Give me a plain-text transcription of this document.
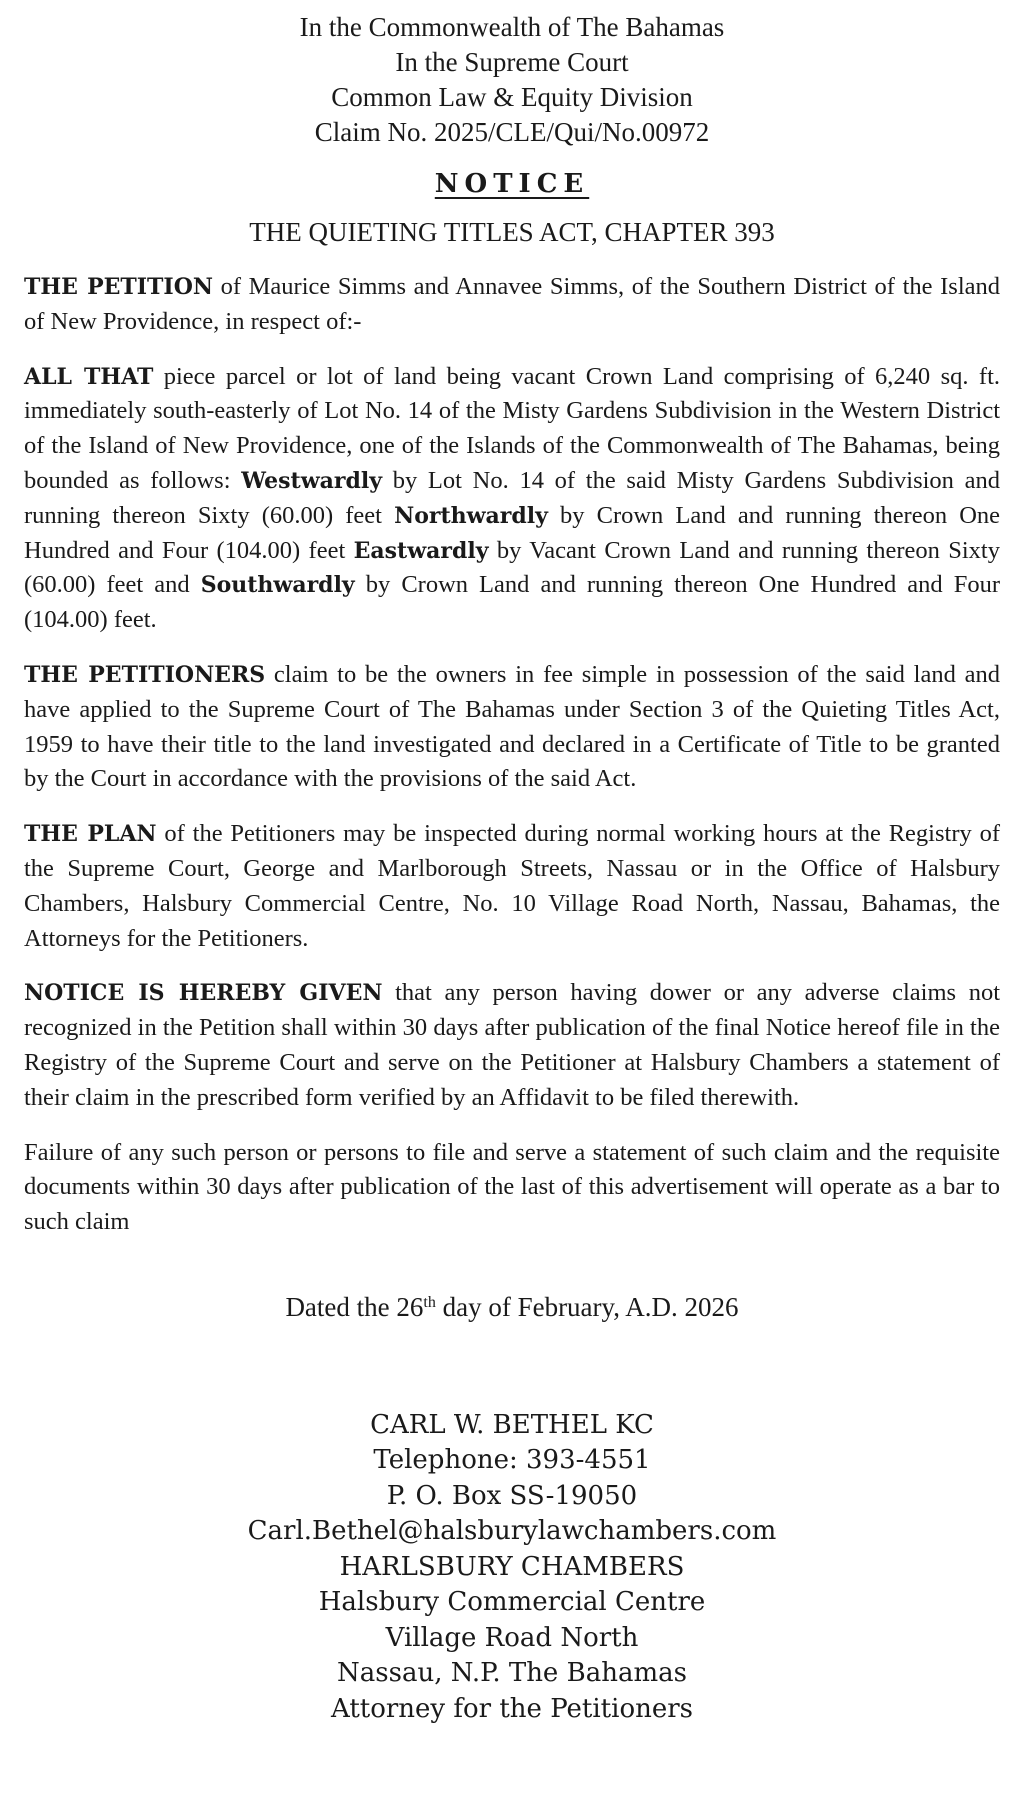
In the Commonwealth of The Bahamas
In the Supreme Court
Common Law & Equity Division
Claim No. 2025/CLE/Qui/No.00972
NOTICE
THE QUIETING TITLES ACT, CHAPTER 393

THE PETITION of Maurice Simms and Annavee Simms, of the Southern District of the Island of New Providence, in respect of:-

ALL THAT piece parcel or lot of land being vacant Crown Land comprising of 6,240 sq. ft. immediately south-easterly of Lot No. 14 of the Misty Gardens Subdivision in the Western District of the Island of New Providence, one of the Islands of the Commonwealth of The Bahamas, being bounded as follows: Westwardly by Lot No. 14 of the said Misty Gardens Subdivision and running thereon Sixty (60.00) feet Northwardly by Crown Land and running thereon One Hundred and Four (104.00) feet Eastwardly by Vacant Crown Land and running thereon Sixty (60.00) feet and Southwardly by Crown Land and running thereon One Hundred and Four (104.00) feet.

THE PETITIONERS claim to be the owners in fee simple in possession of the said land and have applied to the Supreme Court of The Bahamas under Section 3 of the Quieting Titles Act, 1959 to have their title to the land investigated and declared in a Certificate of Title to be granted by the Court in accordance with the provisions of the said Act.

THE PLAN of the Petitioners may be inspected during normal working hours at the Registry of the Supreme Court, George and Marlborough Streets, Nassau or in the Office of Halsbury Chambers, Halsbury Commercial Centre, No. 10 Village Road North, Nassau, Bahamas, the Attorneys for the Petitioners.

NOTICE IS HEREBY GIVEN that any person having dower or any adverse claims not recognized in the Petition shall within 30 days after publication of the final Notice hereof file in the Registry of the Supreme Court and serve on the Petitioner at Halsbury Chambers a statement of their claim in the prescribed form verified by an Affidavit to be filed therewith.

Failure of any such person or persons to file and serve a statement of such claim and the requisite documents within 30 days after publication of the last of this advertisement will operate as a bar to such claim

Dated the 26th day of February, A.D. 2026
CARL W. BETHEL KC
Telephone: 393-4551
P. O. Box SS-19050
Carl.Bethel@halsburylawchambers.com
HARLSBURY CHAMBERS
Halsbury Commercial Centre
Village Road North
Nassau, N.P. The Bahamas
Attorney for the Petitioners
